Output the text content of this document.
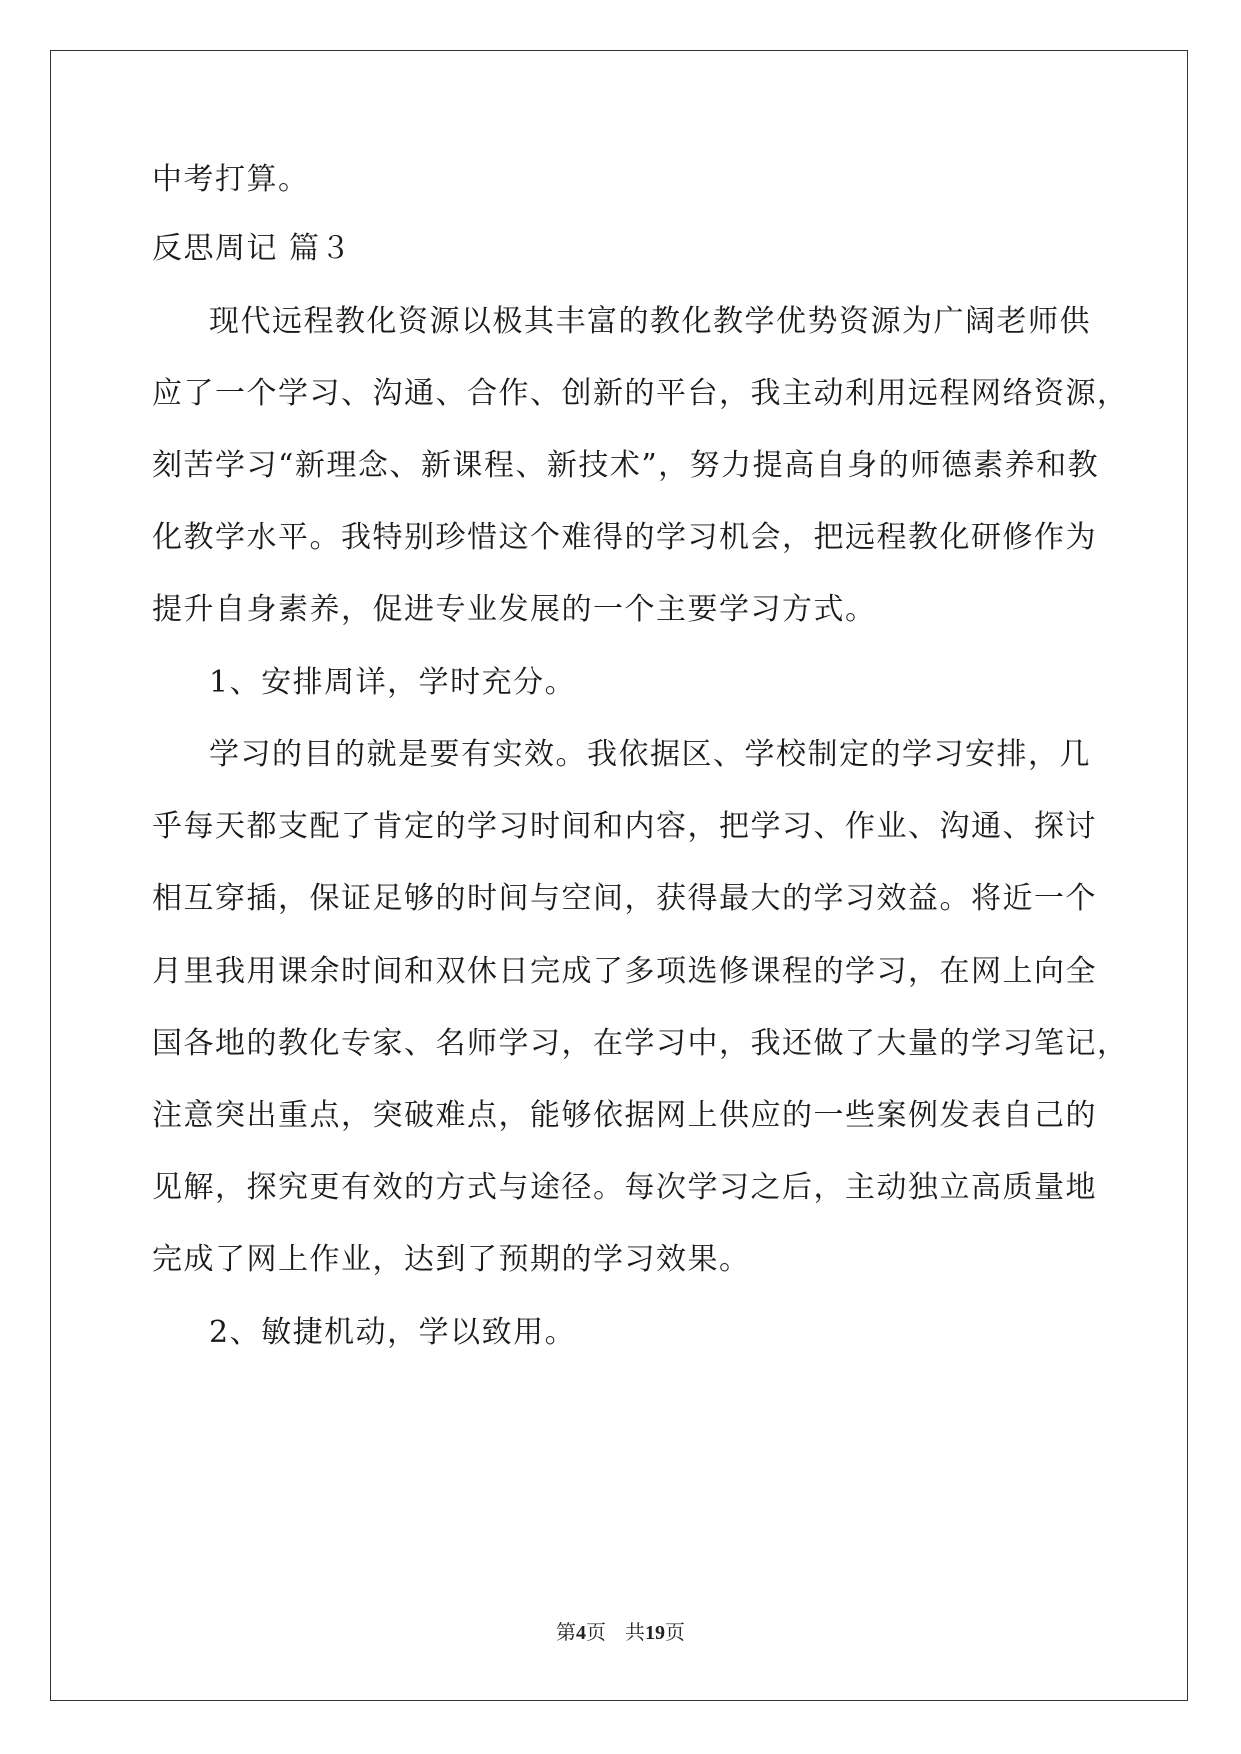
中考打算。
反思周记 篇３
现代远程教化资源以极其丰富的教化教学优势资源为广阔老师供
应了一个学习、沟通、合作、创新的平台，我主动利用远程网络资源，
刻苦学习“新理念、新课程、新技术”，努力提高自身的师德素养和教
化教学水平。我特别珍惜这个难得的学习机会，把远程教化研修作为
提升自身素养，促进专业发展的一个主要学习方式。
1、安排周详，学时充分。
学习的目的就是要有实效。我依据区、学校制定的学习安排，几
乎每天都支配了肯定的学习时间和内容，把学习、作业、沟通、探讨
相互穿插，保证足够的时间与空间，获得最大的学习效益。将近一个
月里我用课余时间和双休日完成了多项选修课程的学习，在网上向全
国各地的教化专家、名师学习，在学习中，我还做了大量的学习笔记，
注意突出重点，突破难点，能够依据网上供应的一些案例发表自己的
见解，探究更有效的方式与途径。每次学习之后，主动独立高质量地
完成了网上作业，达到了预期的学习效果。
2、敏捷机动，学以致用。
第4页 共19页
